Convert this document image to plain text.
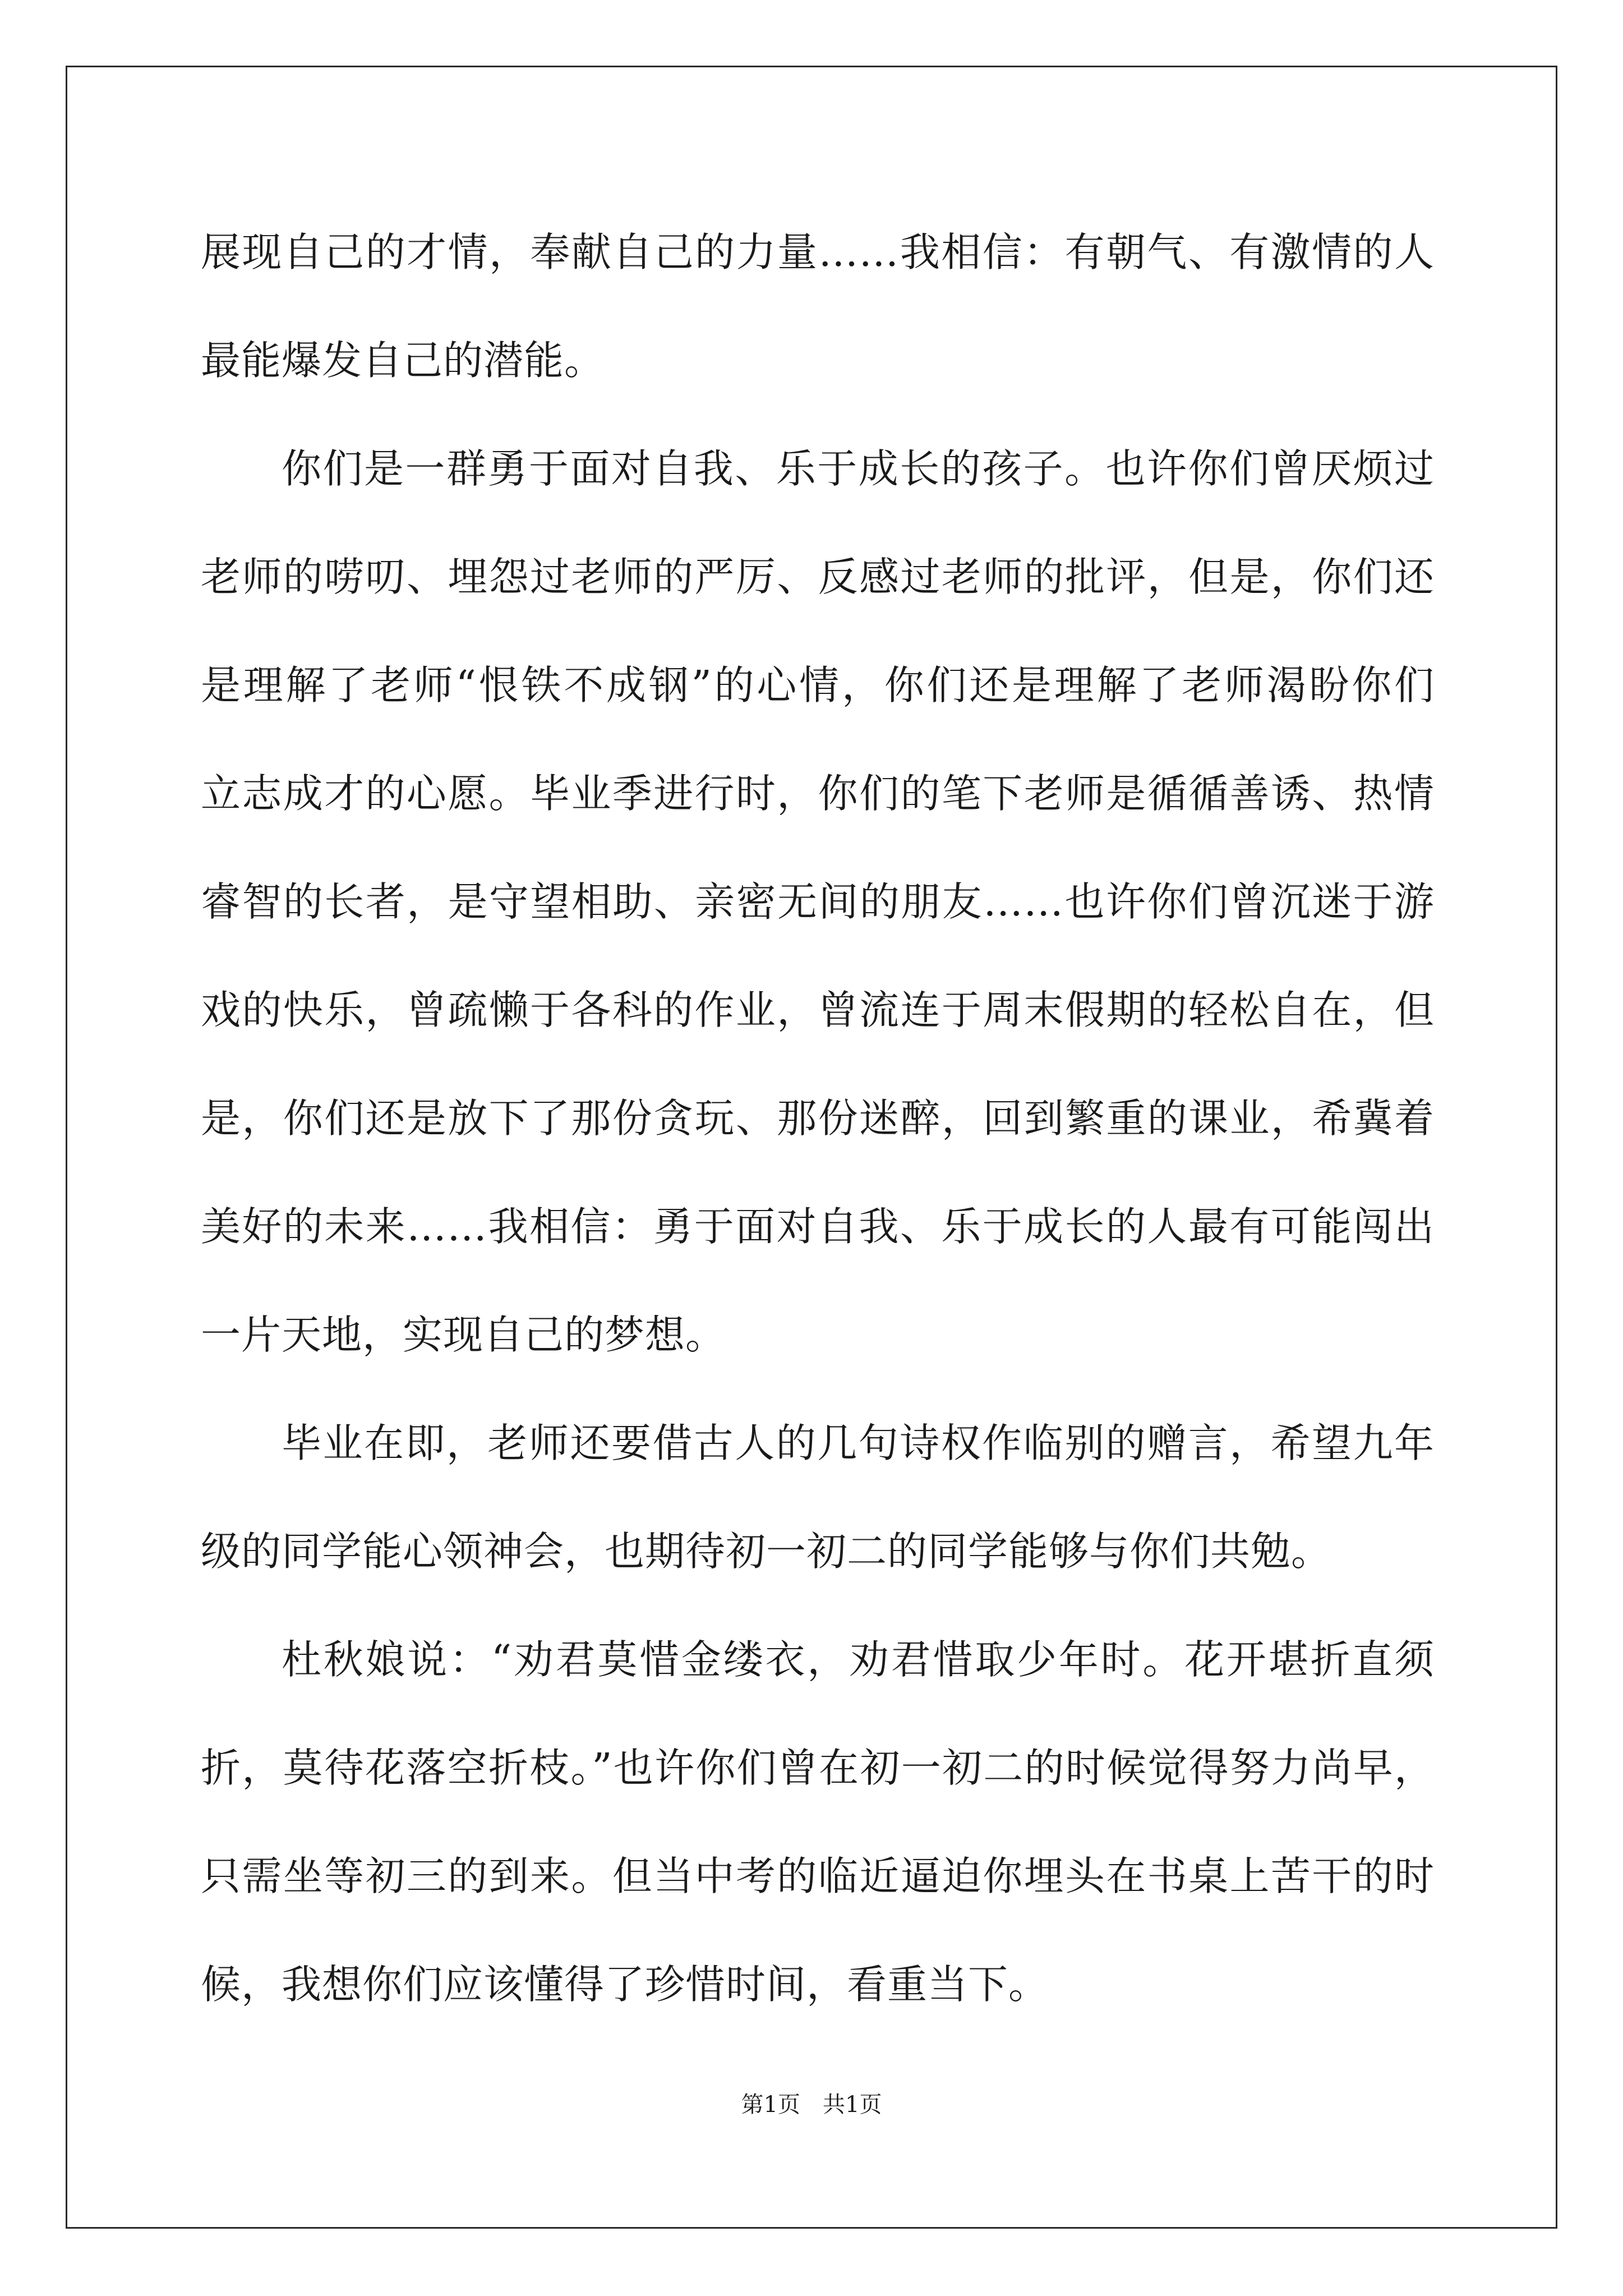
展现自己的才情，奉献自己的力量……我相信：有朝气、有激情的人
最能爆发自己的潜能。
你们是一群勇于面对自我、乐于成长的孩子。也许你们曾厌烦过
老师的唠叨、埋怨过老师的严厉、反感过老师的批评，但是，你们还
是理解了老师“恨铁不成钢”的心情，你们还是理解了老师渴盼你们
立志成才的心愿。毕业季进行时，你们的笔下老师是循循善诱、热情
睿智的长者，是守望相助、亲密无间的朋友……也许你们曾沉迷于游
戏的快乐，曾疏懒于各科的作业，曾流连于周末假期的轻松自在，但
是，你们还是放下了那份贪玩、那份迷醉，回到繁重的课业，希冀着
美好的未来……我相信：勇于面对自我、乐于成长的人最有可能闯出
一片天地，实现自己的梦想。
毕业在即，老师还要借古人的几句诗权作临别的赠言，希望九年
级的同学能心领神会，也期待初一初二的同学能够与你们共勉。
杜秋娘说：“劝君莫惜金缕衣，劝君惜取少年时。花开堪折直须
折，莫待花落空折枝。”也许你们曾在初一初二的时候觉得努力尚早，
只需坐等初三的到来。但当中考的临近逼迫你埋头在书桌上苦干的时
候，我想你们应该懂得了珍惜时间，看重当下。
第1页 共1页
